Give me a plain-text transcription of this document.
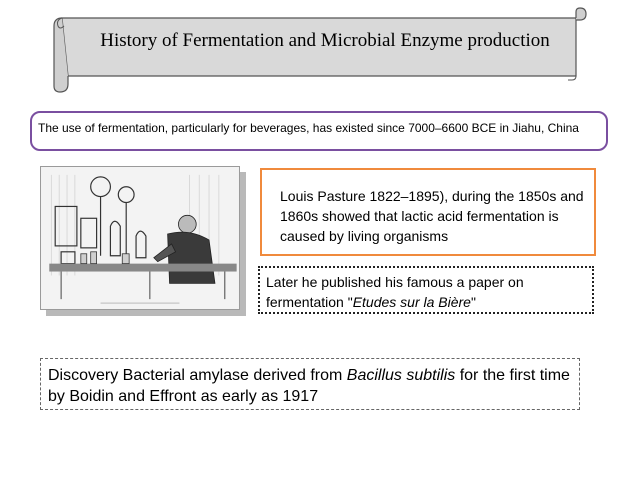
History of Fermentation and Microbial Enzyme production
The use of fermentation, particularly for beverages, has existed since 7000–6600 BCE in Jiahu, China
Louis Pasture 1822–1895), during the 1850s and 1860s showed that lactic acid fermentation is caused by living organisms
Later he published his famous a paper on fermentation "Etudes sur la Bière"
Discovery Bacterial amylase derived from Bacillus subtilis for the first time by Boidin and Effront as early as 1917
